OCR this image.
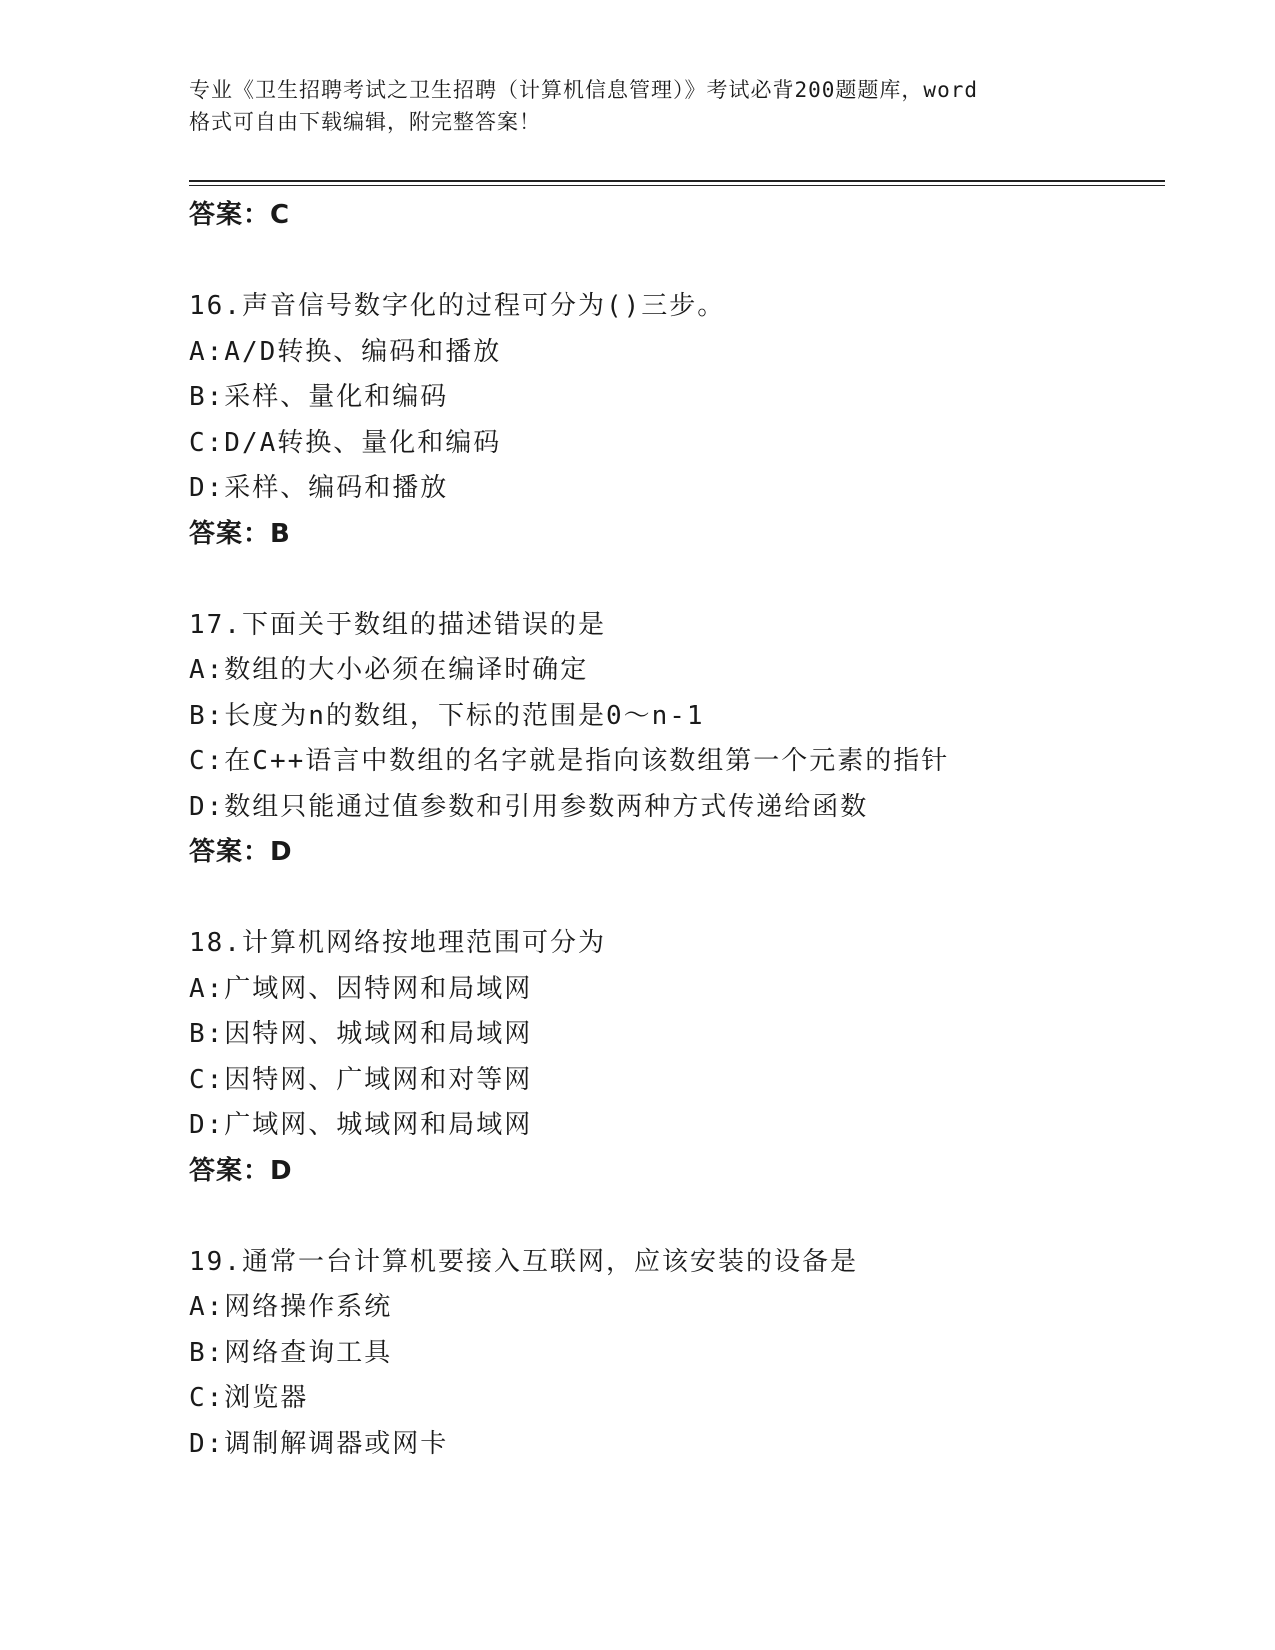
专业《卫生招聘考试之卫生招聘（计算机信息管理）》考试必背200题题库，word
格式可自由下载编辑，附完整答案！
答案：C
16.声音信号数字化的过程可分为()三步。
A:A/D转换、编码和播放
B:采样、量化和编码
C:D/A转换、量化和编码
D:采样、编码和播放
答案：B
17.下面关于数组的描述错误的是
A:数组的大小必须在编译时确定
B:长度为n的数组，下标的范围是0～n-1
C:在C++语言中数组的名字就是指向该数组第一个元素的指针
D:数组只能通过值参数和引用参数两种方式传递给函数
答案：D
18.计算机网络按地理范围可分为
A:广域网、因特网和局域网
B:因特网、城域网和局域网
C:因特网、广域网和对等网
D:广域网、城域网和局域网
答案：D
19.通常一台计算机要接入互联网，应该安装的设备是
A:网络操作系统
B:网络查询工具
C:浏览器
D:调制解调器或网卡
